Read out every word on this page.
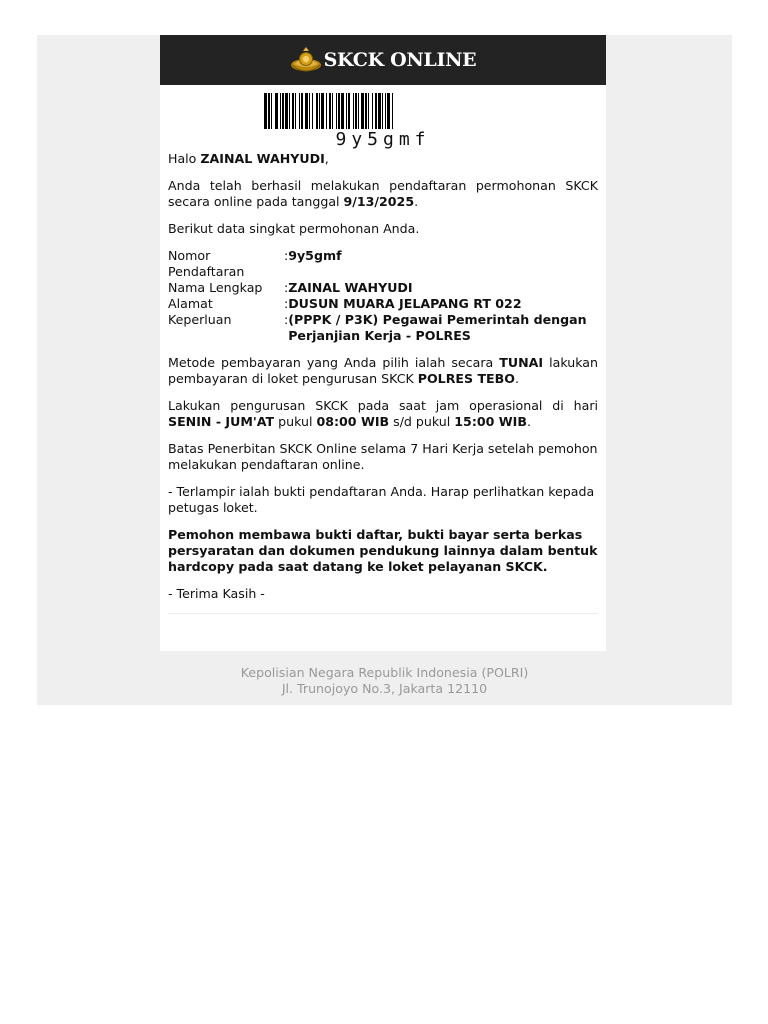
SKCK ONLINE
9y5gmf

Halo ZAINAL WAHYUDI,

Anda telah berhasil melakukan pendaftaran permohonan SKCK secara online pada tanggal 9/13/2025.

Berikut data singkat permohonan Anda.

Nomor Pendaftaran	:	9y5gmf
Nama Lengkap	:	ZAINAL WAHYUDI
Alamat	:	DUSUN MUARA JELAPANG RT 022
Keperluan	:	(PPPK / P3K) Pegawai Pemerintah dengan Perjanjian Kerja - POLRES

Metode pembayaran yang Anda pilih ialah secara TUNAI lakukan pembayaran di loket pengurusan SKCK POLRES TEBO.

Lakukan pengurusan SKCK pada saat jam operasional di hari SENIN - JUM'AT pukul 08:00 WIB s/d pukul 15:00 WIB.

Batas Penerbitan SKCK Online selama 7 Hari Kerja setelah pemohon melakukan pendaftaran online.

- Terlampir ialah bukti pendaftaran Anda. Harap perlihatkan kepada petugas loket.

Pemohon membawa bukti daftar, bukti bayar serta berkas persyaratan dan dokumen pendukung lainnya dalam bentuk hardcopy pada saat datang ke loket pelayanan SKCK.

- Terima Kasih -

Kepolisian Negara Republik Indonesia (POLRI)
Jl. Trunojoyo No.3, Jakarta 12110
